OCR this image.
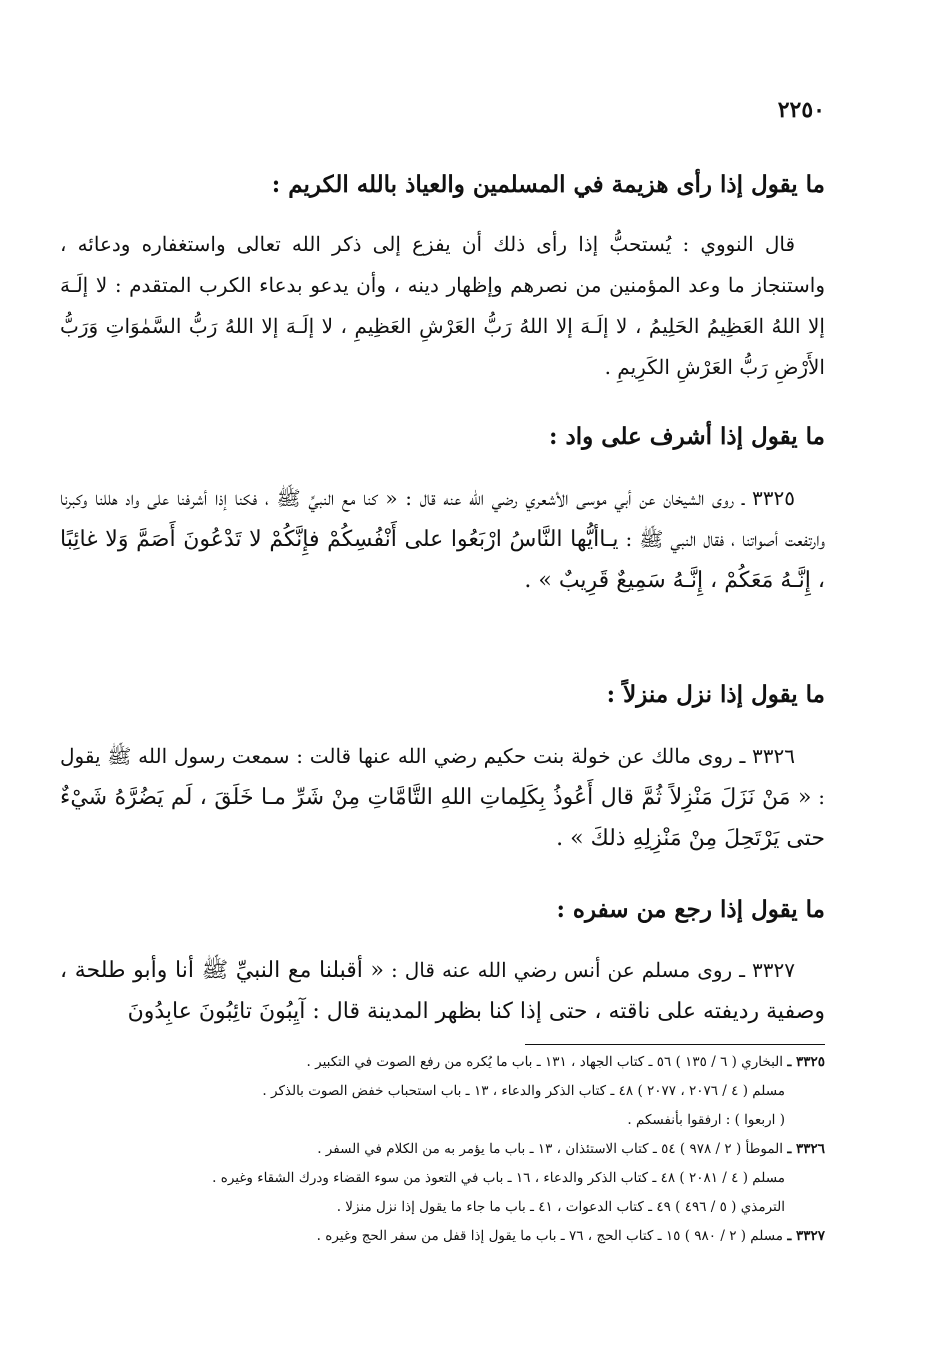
٢٢٥٠
ما يقول إذا رأى هزيمة في المسلمين والعياذ بالله الكريم :

قال النووي : يُستحبُّ إذا رأى ذلك أن يفزع إلى ذكر الله تعالى واستغفاره ودعائه ، واستنجاز ما وعد المؤمنين من نصرهم وإظهار دينه ، وأن يدعو بدعاء الكرب المتقدم : لا إلَـهَ إلا اللهُ العَظِيمُ الحَلِيمُ ، لا إلَـهَ إلا اللهُ رَبُّ العَرْشِ العَظِيمِ ، لا إلَـهَ إلا اللهُ رَبُّ السَّمٰوَاتِ وَرَبُّ الأَرْضِ رَبُّ العَرْشِ الكَرِيمِ .

ما يقول إذا أشرف على واد :

٣٣٢٥ ـ روى الشيخان عن أبي موسى الأشعري رضي الله عنه قال : « كنا مع النبيِّ ﷺ ، فكنا إذا أشرفنا على واد هللنا وكبرنا وارتفعت أصواتنا ، فقال النبي ﷺ : يـاأيُّها النَّاسُ ارْبَعُوا على أَنْفُسِكُمْ فإِنَّكُمْ لا تَدْعُونَ أَصَمَّ وَلا غائِبًا ، إِنَّـهُ مَعَكُمْ ، إِنَّـهُ سَمِيعٌ قَرِيبٌ » .

ما يقول إذا نزل منزلاً :

٣٣٢٦ ـ روى مالك عن خولة بنت حكيم رضي الله عنها قالت : سمعت رسول الله ﷺ يقول : « مَنْ نَزَلَ مَنْزِلاً ثُمَّ قال أَعُوذُ بِكَلِماتِ اللهِ التَّامَّاتِ مِنْ شَرِّ مـا خَلَقَ ، لَم يَضُرَّهُ شَيْءٌ حتى يَرْتَحِلَ مِنْ مَنْزِلِهِ ذلكَ » .

ما يقول إذا رجع من سفره :

٣٣٢٧ ـ روى مسلم عن أنس رضي الله عنه قال : « أقبلنا مع النبيِّ ﷺ أنا وأبو طلحة ، وصفية رديفته على ناقته ، حتى إذا كنا بظهر المدينة قال : آيِبُونَ تائِبُونَ عابِدُونَ

٣٣٢٥ ـ البخاري ( ٦ / ١٣٥ ) ٥٦ ـ كتاب الجهاد ، ١٣١ ـ باب ما يُكره من رفع الصوت في التكبير .
مسلم ( ٤ / ٢٠٧٦ ، ٢٠٧٧ ) ٤٨ ـ كتاب الذكر والدعاء ، ١٣ ـ باب استحباب خفض الصوت بالذكر .
( اربعوا ) : ارفقوا بأنفسكم .
٣٣٢٦ ـ الموطأ ( ٢ / ٩٧٨ ) ٥٤ ـ كتاب الاستئذان ، ١٣ ـ باب ما يؤمر به من الكلام في السفر .
مسلم ( ٤ / ٢٠٨١ ) ٤٨ ـ كتاب الذكر والدعاء ، ١٦ ـ باب في التعوذ من سوء القضاء ودرك الشقاء وغيره .
الترمذي ( ٥ / ٤٩٦ ) ٤٩ ـ كتاب الدعوات ، ٤١ ـ باب ما جاء ما يقول إذا نزل منزلا .
٣٣٢٧ ـ مسلم ( ٢ / ٩٨٠ ) ١٥ ـ كتاب الحج ، ٧٦ ـ باب ما يقول إذا قفل من سفر الحج وغيره .
